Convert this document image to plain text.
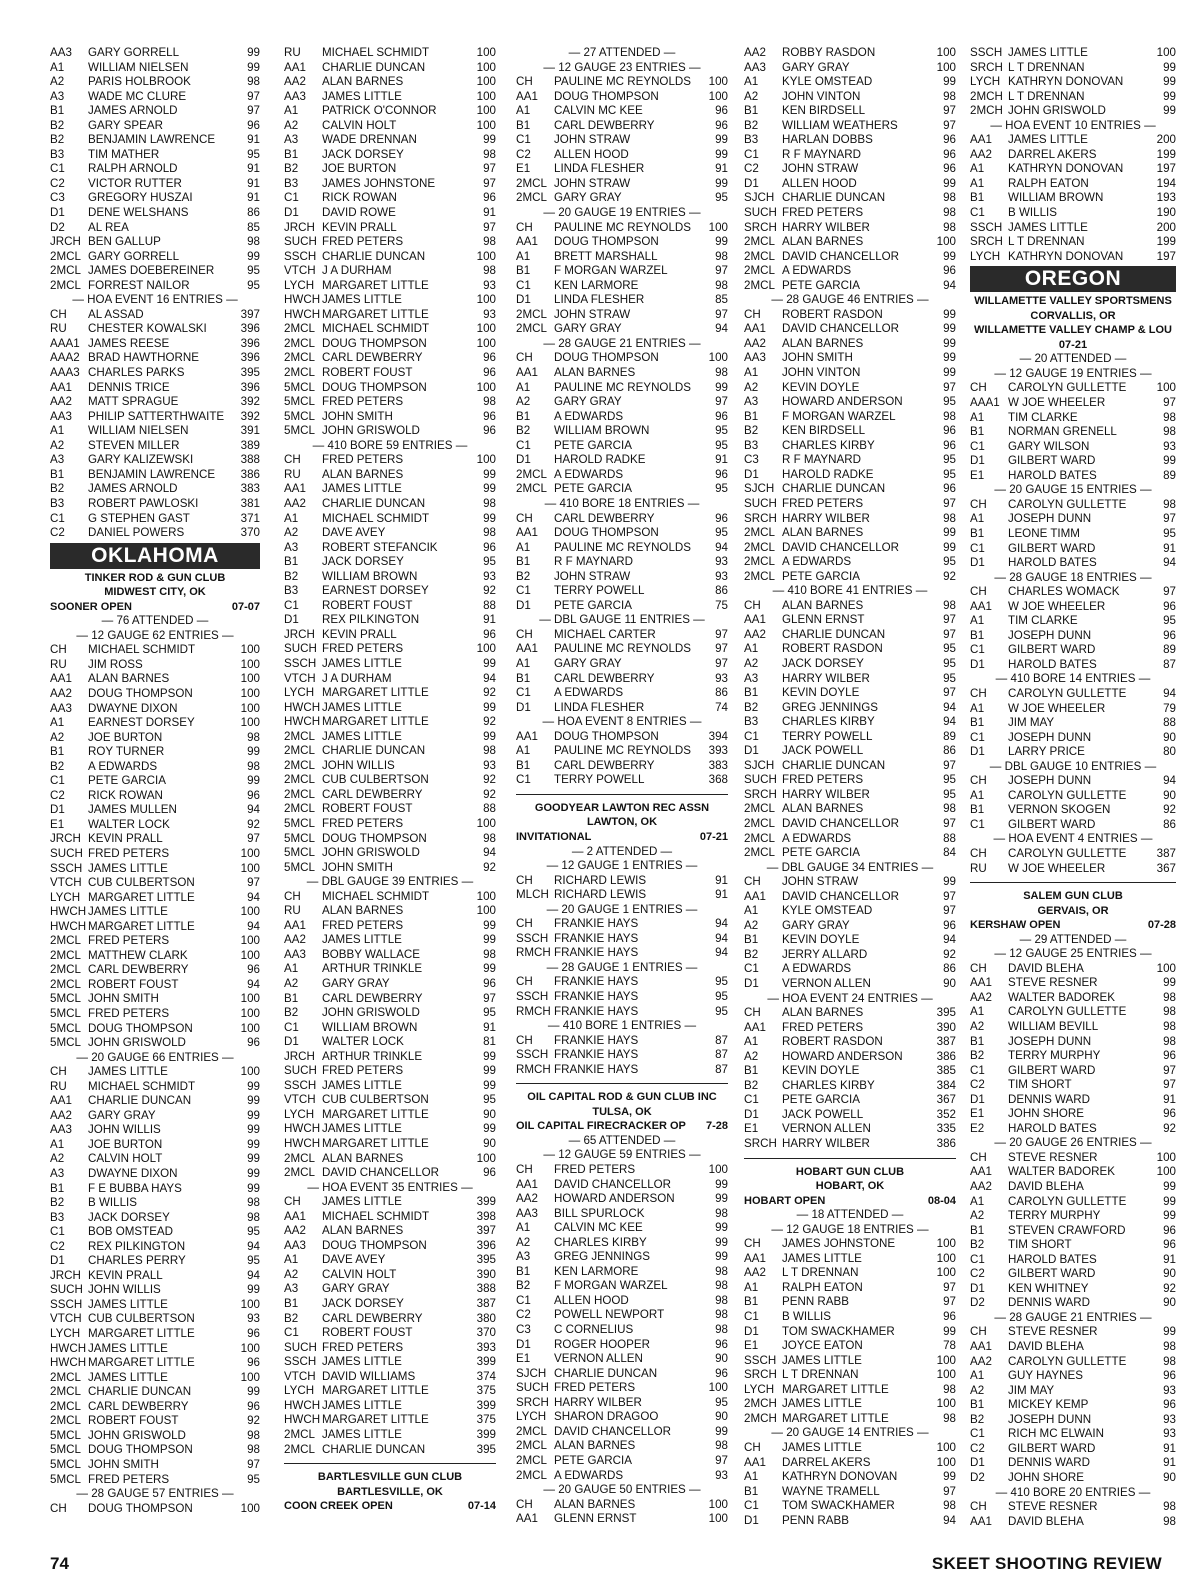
AA3	GARY GORRELL	99
A1	WILLIAM NIELSEN	99
A2	PARIS HOLBROOK	98
A3	WADE MC CLURE	97
B1	JAMES ARNOLD	97
B2	GARY SPEAR	96
B2	BENJAMIN LAWRENCE	91
B3	TIM MATHER	95
C1	RALPH ARNOLD	91
C2	VICTOR RUTTER	91
C3	GREGORY HUSZAI	91
D1	DENE WELSHANS	86
D2	AL REA	85
JRCH BEN GALLUP	98
2MCL GARY GORRELL	99
2MCL JAMES DOEBEREINER	95
2MCL FORREST NAILOR	95
— HOA EVENT 16 ENTRIES —
CH	AL ASSAD	397
RU	CHESTER KOWALSKI	396
AAA1 JAMES REESE	396
AAA2 BRAD HAWTHORNE	396
AAA3 CHARLES PARKS	395
AA1	DENNIS TRICE	396
AA2	MATT SPRAGUE	392
AA3	PHILIP SATTERTHWAITE	392
A1	WILLIAM NIELSEN	391
A2	STEVEN MILLER	389
A3	GARY KALIZEWSKI	388
B1	BENJAMIN LAWRENCE	386
B2	JAMES ARNOLD	383
B3	ROBERT PAWLOSKI	381
C1	G STEPHEN GAST	371
C2	DANIEL POWERS	370
OKLAHOMA
TINKER ROD & GUN CLUB
MIDWEST CITY, OK
SOONER OPEN	07-07
— 76 ATTENDED —
— 12 GAUGE 62 ENTRIES —
CH	MICHAEL SCHMIDT	100
RU	JIM ROSS	100
AA1	ALAN BARNES	100
AA2	DOUG THOMPSON	100
AA3	DWAYNE DIXON	100
A1	EARNEST DORSEY	100
A2	JOE BURTON	98
B1	ROY TURNER	99
B2	A EDWARDS	98
C1	PETE GARCIA	99
C2	RICK ROWAN	96
D1	JAMES MULLEN	94
E1	WALTER LOCK	92
JRCH KEVIN PRALL	97
SUCH FRED PETERS	100
SSCH JAMES LITTLE	100
VTCH CUB CULBERTSON	97
LYCH MARGARET LITTLE	94
HWCH JAMES LITTLE	100
HWCH MARGARET LITTLE	94
2MCL FRED PETERS	100
2MCL MATTHEW CLARK	100
2MCL CARL DEWBERRY	96
2MCL ROBERT FOUST	94
5MCL JOHN SMITH	100
5MCL FRED PETERS	100
5MCL DOUG THOMPSON	100
5MCL JOHN GRISWOLD	96
— 20 GAUGE 66 ENTRIES —
CH	JAMES LITTLE	100
RU	MICHAEL SCHMIDT	99
AA1	CHARLIE DUNCAN	99
AA2	GARY GRAY	99
AA3	JOHN WILLIS	99
A1	JOE BURTON	99
A2	CALVIN HOLT	99
A3	DWAYNE DIXON	99
B1	F E BUBBA HAYS	99
B2	B WILLIS	98
B3	JACK DORSEY	98
C1	BOB OMSTEAD	95
C2	REX PILKINGTON	94
D1	CHARLES PERRY	95
JRCH KEVIN PRALL	94
SUCH JOHN WILLIS	99
SSCH JAMES LITTLE	100
VTCH CUB CULBERTSON	93
LYCH MARGARET LITTLE	96
HWCH JAMES LITTLE	100
HWCH MARGARET LITTLE	96
2MCL JAMES LITTLE	100
2MCL CHARLIE DUNCAN	99
2MCL CARL DEWBERRY	96
2MCL ROBERT FOUST	92
5MCL JOHN GRISWOLD	98
5MCL DOUG THOMPSON	98
5MCL JOHN SMITH	97
5MCL FRED PETERS	95
— 28 GAUGE 57 ENTRIES —
CH	DOUG THOMPSON	100
RU	MICHAEL SCHMIDT	100
AA1	CHARLIE DUNCAN	100
AA2	ALAN BARNES	100
AA3	JAMES LITTLE	100
A1	PATRICK O'CONNOR	100
A2	CALVIN HOLT	100
A3	WADE DRENNAN	99
B1	JACK DORSEY	98
B2	JOE BURTON	97
B3	JAMES JOHNSTONE	97
C1	RICK ROWAN	96
D1	DAVID ROWE	91
JRCH KEVIN PRALL	97
SUCH FRED PETERS	98
SSCH CHARLIE DUNCAN	100
VTCH J A DURHAM	98
LYCH MARGARET LITTLE	93
HWCH JAMES LITTLE	100
HWCH MARGARET LITTLE	93
2MCL MICHAEL SCHMIDT	100
2MCL DOUG THOMPSON	100
2MCL CARL DEWBERRY	96
2MCL ROBERT FOUST	96
5MCL DOUG THOMPSON	100
5MCL FRED PETERS	98
5MCL JOHN SMITH	96
5MCL JOHN GRISWOLD	96
— 410 BORE 59 ENTRIES —
CH	FRED PETERS	100
RU	ALAN BARNES	99
AA1	JAMES LITTLE	99
AA2	CHARLIE DUNCAN	98
A1	MICHAEL SCHMIDT	99
A2	DAVE AVEY	98
A3	ROBERT STEFANCIK	96
B1	JACK DORSEY	95
B2	WILLIAM BROWN	93
B3	EARNEST DORSEY	92
C1	ROBERT FOUST	88
D1	REX PILKINGTON	91
JRCH KEVIN PRALL	96
SUCH FRED PETERS	100
SSCH JAMES LITTLE	99
VTCH J A DURHAM	94
LYCH MARGARET LITTLE	92
HWCH JAMES LITTLE	99
HWCH MARGARET LITTLE	92
2MCL JAMES LITTLE	99
2MCL CHARLIE DUNCAN	98
2MCL JOHN WILLIS	93
2MCL CUB CULBERTSON	92
2MCL CARL DEWBERRY	92
2MCL ROBERT FOUST	88
5MCL FRED PETERS	100
5MCL DOUG THOMPSON	98
5MCL JOHN GRISWOLD	94
5MCL JOHN SMITH	92
— DBL GAUGE 39 ENTRIES —
CH	MICHAEL SCHMIDT	100
RU	ALAN BARNES	100
AA1	FRED PETERS	99
AA2	JAMES LITTLE	99
AA3	BOBBY WALLACE	98
A1	ARTHUR TRINKLE	99
A2	GARY GRAY	96
B1	CARL DEWBERRY	97
B2	JOHN GRISWOLD	95
C1	WILLIAM BROWN	91
D1	WALTER LOCK	81
JRCH ARTHUR TRINKLE	99
SUCH FRED PETERS	99
SSCH JAMES LITTLE	99
VTCH CUB CULBERTSON	95
LYCH MARGARET LITTLE	90
HWCH JAMES LITTLE	99
HWCH MARGARET LITTLE	90
2MCL ALAN BARNES	100
2MCL DAVID CHANCELLOR	96
— HOA EVENT 35 ENTRIES —
CH	JAMES LITTLE	399
AA1	MICHAEL SCHMIDT	398
AA2	ALAN BARNES	397
AA3	DOUG THOMPSON	396
A1	DAVE AVEY	395
A2	CALVIN HOLT	390
A3	GARY GRAY	388
B1	JACK DORSEY	387
B2	CARL DEWBERRY	380
C1	ROBERT FOUST	370
SUCH FRED PETERS	393
SSCH JAMES LITTLE	399
VTCH DAVID WILLIAMS	374
LYCH MARGARET LITTLE	375
HWCH JAMES LITTLE	399
HWCH MARGARET LITTLE	375
2MCL JAMES LITTLE	399
2MCL CHARLIE DUNCAN	395
BARTLESVILLE GUN CLUB
BARTLESVILLE, OK
COON CREEK OPEN	07-14
— 27 ATTENDED —
— 12 GAUGE 23 ENTRIES —
CH	PAULINE MC REYNOLDS	100
AA1	DOUG THOMPSON	100
A1	CALVIN MC KEE	96
B1	CARL DEWBERRY	96
C1	JOHN STRAW	99
C2	ALLEN HOOD	99
E1	LINDA FLESHER	91
2MCL JOHN STRAW	99
2MCL GARY GRAY	95
— 20 GAUGE 19 ENTRIES —
CH	PAULINE MC REYNOLDS	100
AA1	DOUG THOMPSON	99
A1	BRETT MARSHALL	98
B1	F MORGAN WARZEL	97
C1	KEN LARMORE	98
D1	LINDA FLESHER	85
2MCL JOHN STRAW	97
2MCL GARY GRAY	94
— 28 GAUGE 21 ENTRIES —
CH	DOUG THOMPSON	100
AA1	ALAN BARNES	98
A1	PAULINE MC REYNOLDS	99
A2	GARY GRAY	97
B1	A EDWARDS	96
B2	WILLIAM BROWN	95
C1	PETE GARCIA	95
D1	HAROLD RADKE	91
2MCL A EDWARDS	96
2MCL PETE GARCIA	95
— 410 BORE 18 ENTRIES —
CH	CARL DEWBERRY	96
AA1	DOUG THOMPSON	95
A1	PAULINE MC REYNOLDS	94
B1	R F MAYNARD	93
B2	JOHN STRAW	93
C1	TERRY POWELL	86
D1	PETE GARCIA	75
— DBL GAUGE 11 ENTRIES —
CH	MICHAEL CARTER	97
AA1	PAULINE MC REYNOLDS	97
A1	GARY GRAY	97
B1	CARL DEWBERRY	93
C1	A EDWARDS	86
D1	LINDA FLESHER	74
— HOA EVENT 8 ENTRIES —
AA1	DOUG THOMPSON	394
A1	PAULINE MC REYNOLDS	393
B1	CARL DEWBERRY	383
C1	TERRY POWELL	368
GOODYEAR LAWTON REC ASSN
LAWTON, OK
INVITATIONAL	07-21
— 2 ATTENDED —
— 12 GAUGE 1 ENTRIES —
CH	RICHARD LEWIS	91
MLCH RICHARD LEWIS	91
— 20 GAUGE 1 ENTRIES —
CH	FRANKIE HAYS	94
SSCH FRANKIE HAYS	94
RMCH FRANKIE HAYS	94
— 28 GAUGE 1 ENTRIES —
CH	FRANKIE HAYS	95
SSCH FRANKIE HAYS	95
RMCH FRANKIE HAYS	95
— 410 BORE 1 ENTRIES —
CH	FRANKIE HAYS	87
SSCH FRANKIE HAYS	87
RMCH FRANKIE HAYS	87
OIL CAPITAL ROD & GUN CLUB INC
TULSA, OK
OIL CAPITAL FIRECRACKER OP	7-28
— 65 ATTENDED —
— 12 GAUGE 59 ENTRIES —
CH	FRED PETERS	100
AA1	DAVID CHANCELLOR	99
AA2	HOWARD ANDERSON	99
AA3	BILL SPURLOCK	98
A1	CALVIN MC KEE	99
A2	CHARLES KIRBY	99
A3	GREG JENNINGS	99
B1	KEN LARMORE	98
B2	F MORGAN WARZEL	98
C1	ALLEN HOOD	98
C2	POWELL NEWPORT	98
C3	C CORNELIUS	98
D1	ROGER HOOPER	96
E1	VERNON ALLEN	90
SJCH CHARLIE DUNCAN	96
SUCH FRED PETERS	100
SRCH HARRY WILBER	95
LYCH SHARON DRAGOO	90
2MCL DAVID CHANCELLOR	99
2MCL ALAN BARNES	98
2MCL PETE GARCIA	97
2MCL A EDWARDS	93
— 20 GAUGE 50 ENTRIES —
CH	ALAN BARNES	100
AA1	GLENN ERNST	100
AA2	ROBBY RASDON	100
AA3	GARY GRAY	100
A1	KYLE OMSTEAD	99
A2	JOHN VINTON	98
B1	KEN BIRDSELL	97
B2	WILLIAM WEATHERS	97
B3	HARLAN DOBBS	96
C1	R F MAYNARD	96
C2	JOHN STRAW	96
D1	ALLEN HOOD	99
SJCH CHARLIE DUNCAN	98
SUCH FRED PETERS	98
SRCH HARRY WILBER	98
2MCL ALAN BARNES	100
2MCL DAVID CHANCELLOR	99
2MCL A EDWARDS	96
2MCL PETE GARCIA	94
— 28 GAUGE 46 ENTRIES —
CH	ROBERT RASDON	99
AA1	DAVID CHANCELLOR	99
AA2	ALAN BARNES	99
AA3	JOHN SMITH	99
A1	JOHN VINTON	99
A2	KEVIN DOYLE	97
A3	HOWARD ANDERSON	95
B1	F MORGAN WARZEL	98
B2	KEN BIRDSELL	96
B3	CHARLES KIRBY	96
C3	R F MAYNARD	95
D1	HAROLD RADKE	95
SJCH CHARLIE DUNCAN	96
SUCH FRED PETERS	97
SRCH HARRY WILBER	98
2MCL ALAN BARNES	99
2MCL DAVID CHANCELLOR	99
2MCL A EDWARDS	95
2MCL PETE GARCIA	92
— 410 BORE 41 ENTRIES —
CH	ALAN BARNES	98
AA1	GLENN ERNST	97
AA2	CHARLIE DUNCAN	97
A1	ROBERT RASDON	95
A2	JACK DORSEY	95
A3	HARRY WILBER	95
B1	KEVIN DOYLE	97
B2	GREG JENNINGS	94
B3	CHARLES KIRBY	94
C1	TERRY POWELL	89
D1	JACK POWELL	86
SJCH CHARLIE DUNCAN	97
SUCH FRED PETERS	95
SRCH HARRY WILBER	95
2MCL ALAN BARNES	98
2MCL DAVID CHANCELLOR	97
2MCL A EDWARDS	88
2MCL PETE GARCIA	84
— DBL GAUGE 34 ENTRIES —
CH	JOHN STRAW	99
AA1	DAVID CHANCELLOR	97
A1	KYLE OMSTEAD	97
A2	GARY GRAY	96
B1	KEVIN DOYLE	94
B2	JERRY ALLARD	92
C1	A EDWARDS	86
D1	VERNON ALLEN	90
— HOA EVENT 24 ENTRIES —
CH	ALAN BARNES	395
AA1	FRED PETERS	390
A1	ROBERT RASDON	387
A2	HOWARD ANDERSON	386
B1	KEVIN DOYLE	385
B2	CHARLES KIRBY	384
C1	PETE GARCIA	367
D1	JACK POWELL	352
E1	VERNON ALLEN	335
SRCH HARRY WILBER	386
HOBART GUN CLUB
HOBART, OK
HOBART OPEN	08-04
— 18 ATTENDED —
— 12 GAUGE 18 ENTRIES —
CH	JAMES JOHNSTONE	100
AA1	JAMES LITTLE	100
AA2	L T DRENNAN	100
A1	RALPH EATON	97
B1	PENN RABB	97
C1	B WILLIS	96
D1	TOM SWACKHAMER	99
E1	JOYCE EATON	78
SSCH JAMES LITTLE	100
SRCH L T DRENNAN	100
LYCH MARGARET LITTLE	98
2MCH JAMES LITTLE	100
2MCH MARGARET LITTLE	98
— 20 GAUGE 14 ENTRIES —
CH	JAMES LITTLE	100
AA1	DARREL AKERS	100
A1	KATHRYN DONOVAN	99
B1	WAYNE TRAMELL	97
C1	TOM SWACKHAMER	98
D1	PENN RABB	94
SSCH JAMES LITTLE	100
SRCH L T DRENNAN	99
LYCH KATHRYN DONOVAN	99
2MCH L T DRENNAN	99
2MCH JOHN GRISWOLD	99
— HOA EVENT 10 ENTRIES —
AA1	JAMES LITTLE	200
AA2	DARREL AKERS	199
A1	KATHRYN DONOVAN	197
A1	RALPH EATON	194
B1	WILLIAM BROWN	193
C1	B WILLIS	190
SSCH JAMES LITTLE	200
SRCH L T DRENNAN	199
LYCH KATHRYN DONOVAN	197
OREGON
WILLAMETTE VALLEY SPORTSMENS
CORVALLIS, OR
WILLAMETTE VALLEY CHAMP & LOU
07-21
— 20 ATTENDED —
— 12 GAUGE 19 ENTRIES —
CH	CAROLYN GULLETTE	100
AAA1 W JOE WHEELER	97
A1	TIM CLARKE	98
B1	NORMAN GRENELL	98
C1	GARY WILSON	93
D1	GILBERT WARD	99
E1	HAROLD BATES	89
— 20 GAUGE 15 ENTRIES —
CH	CAROLYN GULLETTE	98
A1	JOSEPH DUNN	97
B1	LEONE TIMM	95
C1	GILBERT WARD	91
D1	HAROLD BATES	94
— 28 GAUGE 18 ENTRIES —
CH	CHARLES WOMACK	97
AA1	W JOE WHEELER	96
A1	TIM CLARKE	95
B1	JOSEPH DUNN	96
C1	GILBERT WARD	89
D1	HAROLD BATES	87
— 410 BORE 14 ENTRIES —
CH	CAROLYN GULLETTE	94
A1	W JOE WHEELER	79
B1	JIM MAY	88
C1	JOSEPH DUNN	90
D1	LARRY PRICE	80
— DBL GAUGE 10 ENTRIES —
CH	JOSEPH DUNN	94
A1	CAROLYN GULLETTE	90
B1	VERNON SKOGEN	92
C1	GILBERT WARD	86
— HOA EVENT 4 ENTRIES —
CH	CAROLYN GULLETTE	387
RU	W JOE WHEELER	367
SALEM GUN CLUB
GERVAIS, OR
KERSHAW OPEN	07-28
— 29 ATTENDED —
— 12 GAUGE 25 ENTRIES —
CH	DAVID BLEHA	100
AA1	STEVE RESNER	99
AA2	WALTER BADOREK	98
A1	CAROLYN GULLETTE	98
A2	WILLIAM BEVILL	98
B1	JOSEPH DUNN	98
B2	TERRY MURPHY	96
C1	GILBERT WARD	97
C2	TIM SHORT	97
D1	DENNIS WARD	91
E1	JOHN SHORE	96
E2	HAROLD BATES	92
— 20 GAUGE 26 ENTRIES —
CH	STEVE RESNER	100
AA1	WALTER BADOREK	100
AA2	DAVID BLEHA	99
A1	CAROLYN GULLETTE	99
A2	TERRY MURPHY	99
B1	STEVEN CRAWFORD	96
B2	TIM SHORT	96
C1	HAROLD BATES	91
C2	GILBERT WARD	90
D1	KEN WHITNEY	92
D2	DENNIS WARD	90
— 28 GAUGE 21 ENTRIES —
CH	STEVE RESNER	99
AA1	DAVID BLEHA	98
AA2	CAROLYN GULLETTE	98
A1	GUY HAYNES	96
A2	JIM MAY	93
B1	MICKEY KEMP	96
B2	JOSEPH DUNN	93
C1	RICH MC ELWAIN	93
C2	GILBERT WARD	91
D1	DENNIS WARD	91
D2	JOHN SHORE	90
— 410 BORE 20 ENTRIES —
CH	STEVE RESNER	98
AA1	DAVID BLEHA	98
74	SKEET SHOOTING REVIEW
